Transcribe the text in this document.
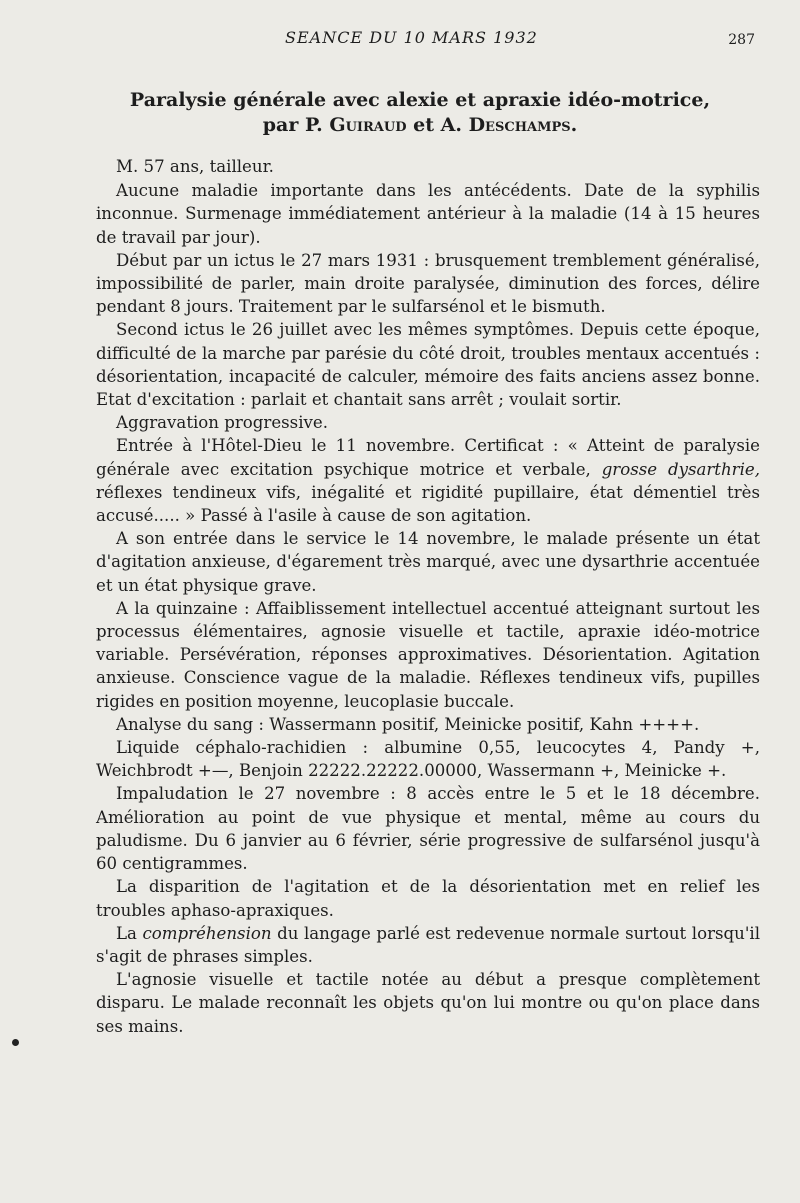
SEANCE DU 10 MARS 1932	287
Paralysie générale avec alexie et apraxie idéo-motrice,
par P. Guiraud et A. Deschamps.

M. 57 ans, tailleur.

Aucune maladie importante dans les antécédents. Date de la syphilis inconnue. Surmenage immédiatement antérieur à la maladie (14 à 15 heures de travail par jour).

Début par un ictus le 27 mars 1931 : brusquement tremblement généralisé, impossibilité de parler, main droite paralysée, diminution des forces, délire pendant 8 jours. Traitement par le sulfarsénol et le bismuth.

Second ictus le 26 juillet avec les mêmes symptômes. Depuis cette époque, difficulté de la marche par parésie du côté droit, troubles mentaux accentués : désorientation, incapacité de calculer, mémoire des faits anciens assez bonne. Etat d'excitation : parlait et chantait sans arrêt ; voulait sortir.

Aggravation progressive.

Entrée à l'Hôtel-Dieu le 11 novembre. Certificat : « Atteint de paralysie générale avec excitation psychique motrice et verbale, grosse dysarthrie, réflexes tendineux vifs, inégalité et rigidité pupillaire, état démentiel très accusé..... » Passé à l'asile à cause de son agitation.

A son entrée dans le service le 14 novembre, le malade présente un état d'agitation anxieuse, d'égarement très marqué, avec une dysarthrie accentuée et un état physique grave.

A la quinzaine : Affaiblissement intellectuel accentué atteignant surtout les processus élémentaires, agnosie visuelle et tactile, apraxie idéo-motrice variable. Persévération, réponses approximatives. Désorientation. Agitation anxieuse. Conscience vague de la maladie. Réflexes tendineux vifs, pupilles rigides en position moyenne, leucoplasie buccale.

Analyse du sang : Wassermann positif, Meinicke positif, Kahn ++++.

Liquide céphalo-rachidien : albumine 0,55, leucocytes 4, Pandy +, Weichbrodt +—, Benjoin 22222.22222.00000, Wassermann +, Meinicke +.

Impaludation le 27 novembre : 8 accès entre le 5 et le 18 décembre. Amélioration au point de vue physique et mental, même au cours du paludisme. Du 6 janvier au 6 février, série progressive de sulfarsénol jusqu'à 60 centigrammes.

La disparition de l'agitation et de la désorientation met en relief les troubles aphaso-apraxiques.

La compréhension du langage parlé est redevenue normale surtout lorsqu'il s'agit de phrases simples.

L'agnosie visuelle et tactile notée au début a presque complètement disparu. Le malade reconnaît les objets qu'on lui montre ou qu'on place dans ses mains.
